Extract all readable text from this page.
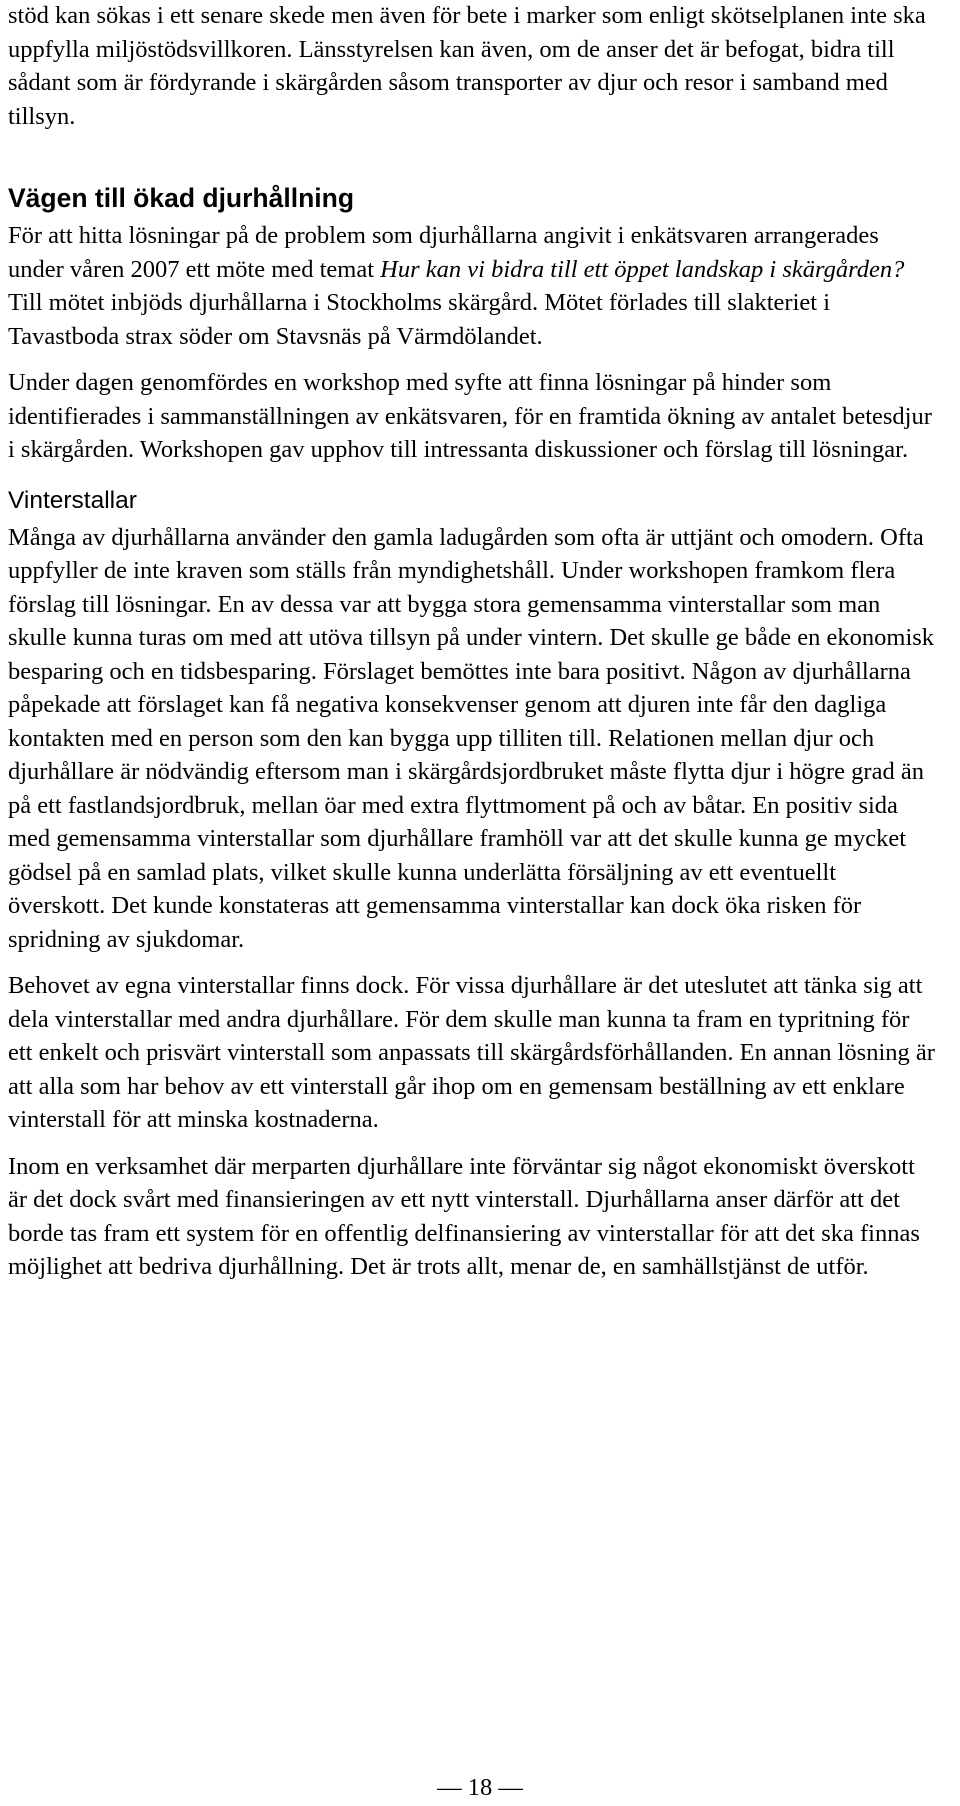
stöd kan sökas i ett senare skede men även för bete i marker som enligt skötselplanen inte ska uppfylla miljöstödsvillkoren. Länsstyrelsen kan även, om de anser det är befogat, bidra till sådant som är fördyrande i skärgården såsom transporter av djur och resor i samband med tillsyn.

Vägen till ökad djurhållning

För att hitta lösningar på de problem som djurhållarna angivit i enkätsvaren arrangerades under våren 2007 ett möte med temat Hur kan vi bidra till ett öppet landskap i skärgården? Till mötet inbjöds djurhållarna i Stockholms skärgård. Mötet förlades till slakteriet i Tavastboda strax söder om Stavsnäs på Värmdölandet.

Under dagen genomfördes en workshop med syfte att finna lösningar på hinder som identifierades i sammanställningen av enkätsvaren, för en framtida ökning av antalet betesdjur i skärgården. Workshopen gav upphov till intressanta diskussioner och förslag till lösningar.

Vinterstallar

Många av djurhållarna använder den gamla ladugården som ofta är uttjänt och omodern. Ofta uppfyller de inte kraven som ställs från myndighetshåll. Under workshopen framkom flera förslag till lösningar. En av dessa var att bygga stora gemensamma vinterstallar som man skulle kunna turas om med att utöva tillsyn på under vintern. Det skulle ge både en ekonomisk besparing och en tidsbesparing. Förslaget bemöttes inte bara positivt. Någon av djurhållarna påpekade att förslaget kan få negativa konsekvenser genom att djuren inte får den dagliga kontakten med en person som den kan bygga upp tilliten till. Relationen mellan djur och djurhållare är nödvändig eftersom man i skärgårdsjordbruket måste flytta djur i högre grad än på ett fastlandsjordbruk, mellan öar med extra flyttmoment på och av båtar. En positiv sida med gemensamma vinterstallar som djurhållare framhöll var att det skulle kunna ge mycket gödsel på en samlad plats, vilket skulle kunna underlätta försäljning av ett eventuellt överskott. Det kunde konstateras att gemensamma vinterstallar kan dock öka risken för spridning av sjukdomar.

Behovet av egna vinterstallar finns dock. För vissa djurhållare är det uteslutet att tänka sig att dela vinterstallar med andra djurhållare. För dem skulle man kunna ta fram en typritning för ett enkelt och prisvärt vinterstall som anpassats till skärgårdsförhållanden. En annan lösning är att alla som har behov av ett vinterstall går ihop om en gemensam beställning av ett enklare vinterstall för att minska kostnaderna.

Inom en verksamhet där merparten djurhållare inte förväntar sig något ekonomiskt överskott är det dock svårt med finansieringen av ett nytt vinterstall. Djurhållarna anser därför att det borde tas fram ett system för en offentlig delfinansiering av vinterstallar för att det ska finnas möjlighet att bedriva djurhållning. Det är trots allt, menar de, en samhällstjänst de utför.

— 18 —
